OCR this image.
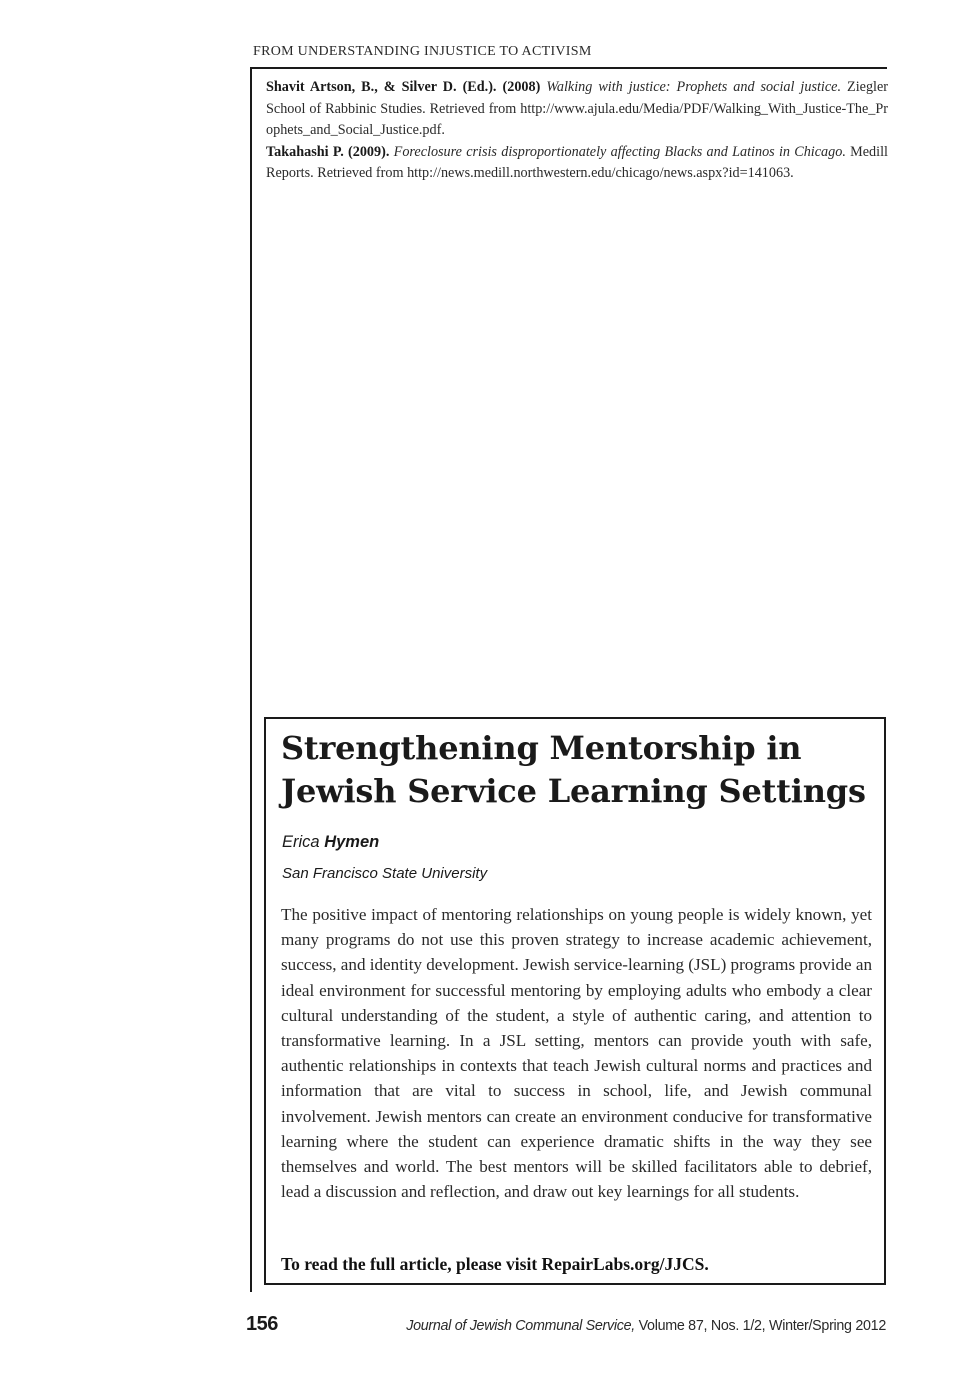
FROM UNDERSTANDING INJUSTICE TO ACTIVISM

Shavit Artson, B., & Silver D. (Ed.). (2008) Walking with justice: Prophets and social justice. Ziegler School of Rabbinic Studies. Retrieved from http://www.ajula.edu/Media/PDF/Walking_With_Justice-The_Prophets_and_Social_Justice.pdf.

Takahashi P. (2009). Foreclosure crisis disproportionately affecting Blacks and Latinos in Chicago. Medill Reports. Retrieved from http://news.medill.northwestern.edu/chicago/news.aspx?id=141063.

Strengthening Mentorship in Jewish Service Learning Settings
Erica Hymen
San Francisco State University

The positive impact of mentoring relationships on young people is widely known, yet many programs do not use this proven strategy to increase academic achievement, success, and identity development. Jewish service-learning (JSL) programs provide an ideal environment for successful mentoring by employing adults who embody a clear cultural understanding of the student, a style of authentic caring, and attention to transformative learning. In a JSL setting, mentors can provide youth with safe, authentic relationships in contexts that teach Jewish cultural norms and practices and information that are vital to success in school, life, and Jewish communal involvement. Jewish mentors can create an environment conducive for transformative learning where the student can experience dramatic shifts in the way they see themselves and world. The best mentors will be skilled facilitators able to debrief, lead a discussion and reflection, and draw out key learnings for all students.

To read the full article, please visit RepairLabs.org/JJCS.

156	Journal of Jewish Communal Service, Volume 87, Nos. 1/2, Winter/Spring 2012
